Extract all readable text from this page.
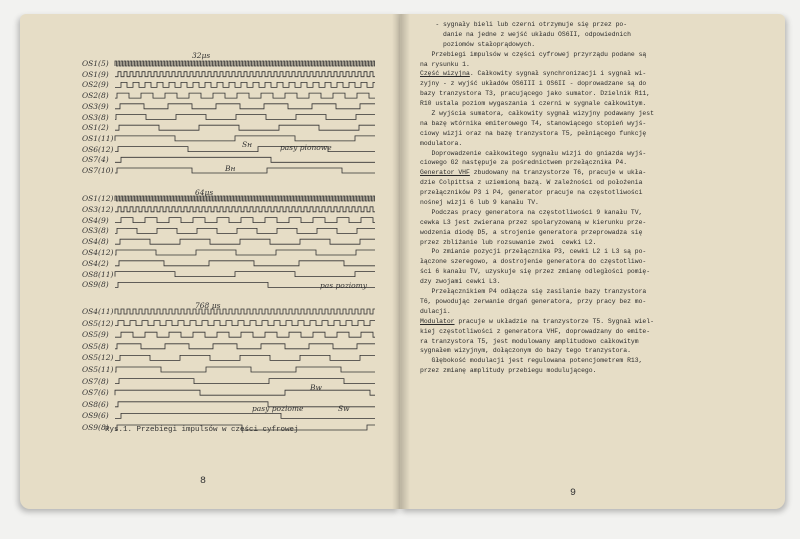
Rys.1. Przebiegi impulsów w części cyfrowej
8
OS1(5)
OS1(9)
OS2(9)
OS2(8)
OS3(9)
OS3(8)
OS1(2)
OS1(11)
OS6(12)
OS7(4)
OS7(10)
OS1(12)
OS3(12)
OS4(9)
OS3(8)
OS4(8)
OS4(12)
OS4(2)
OS8(11)
OS9(8)
OS4(11)
OS5(12)
OS5(9)
OS5(8)
OS5(12)
OS5(11)
OS7(8)
OS7(6)
OS8(6)
OS9(6)
OS9(8)
32μs
Sн	pasy pionowe
Bн
64μs
pas poziomy
768 μs
Bw
pasy poziome	Sw
- sygnały bieli lub czerni otrzymuje się przez po-
danie na jedne z wejść układu OS6II, odpowiednich
poziomów stałoprądowych.
Przebiegi impulsów w części cyfrowej przyrządu podane są
na rysunku 1.
Część wizyjna. Całkowity sygnał synchronizacji i sygnał wi-
zyjny - z wyjść układów OS6III i OS6II - doprowadzane są do
bazy tranzystora T3, pracującego jako sumator. Dzielnik R11,
R10 ustala poziom wygaszania i czerni w sygnale całkowitym.
Z wyjścia sumatora, całkowity sygnał wizyjny podawany jest
na bazę wtórnika emiterowego T4, stanowiącego stopień wyjś-
ciowy wizji oraz na bazę tranzystora T5, pełniącego funkcję
modulatora.
Doprowadzenie całkowitego sygnału wizji do gniazda wyjś-
ciowego G2 następuje za pośrednictwem przełącznika P4.
Generator VHF zbudowany na tranzystorze T6, pracuje w ukła-
dzie Colpittsa z uziemioną bazą. W zależności od położenia
przełączników P3 i P4, generator pracuje na częstotliwości
nośnej wizji 6 lub 9 kanału TV.
Podczas pracy generatora na częstotliwości 9 kanału TV,
cewka L3 jest zwierana przez spolaryzowaną w kierunku prze-
wodzenia diodę D5, a strojenie generatora przeprowadza się
przez zbliżanie lub rozsuwanie zwoi  cewki L2.
Po zmianie pozycji przełącznika P3, cewki L2 i L3 są po-
łączone szeregowo, a dostrojenie generatora do częstotliwo-
ści 6 kanału TV, uzyskuje się przez zmianę odległości pomię-
dzy zwojami cewki L3.
Przełącznikiem P4 odłącza się zasilanie bazy tranzystora
T6, powodując zerwanie drgań generatora, przy pracy bez mo-
dulacji.
Modulator pracuje w układzie na tranzystorze T5. Sygnał wiel-
kiej częstotliwości z generatora VHF, doprowadzany do emite-
ra tranzystora T5, jest modulowany amplitudowo całkowitym
sygnałem wizyjnym, dołączonym do bazy tego tranzystora.
Głębokość modulacji jest regulowana potencjometrem R13,
przez zmianę amplitudy przebiegu modulującego.
9
